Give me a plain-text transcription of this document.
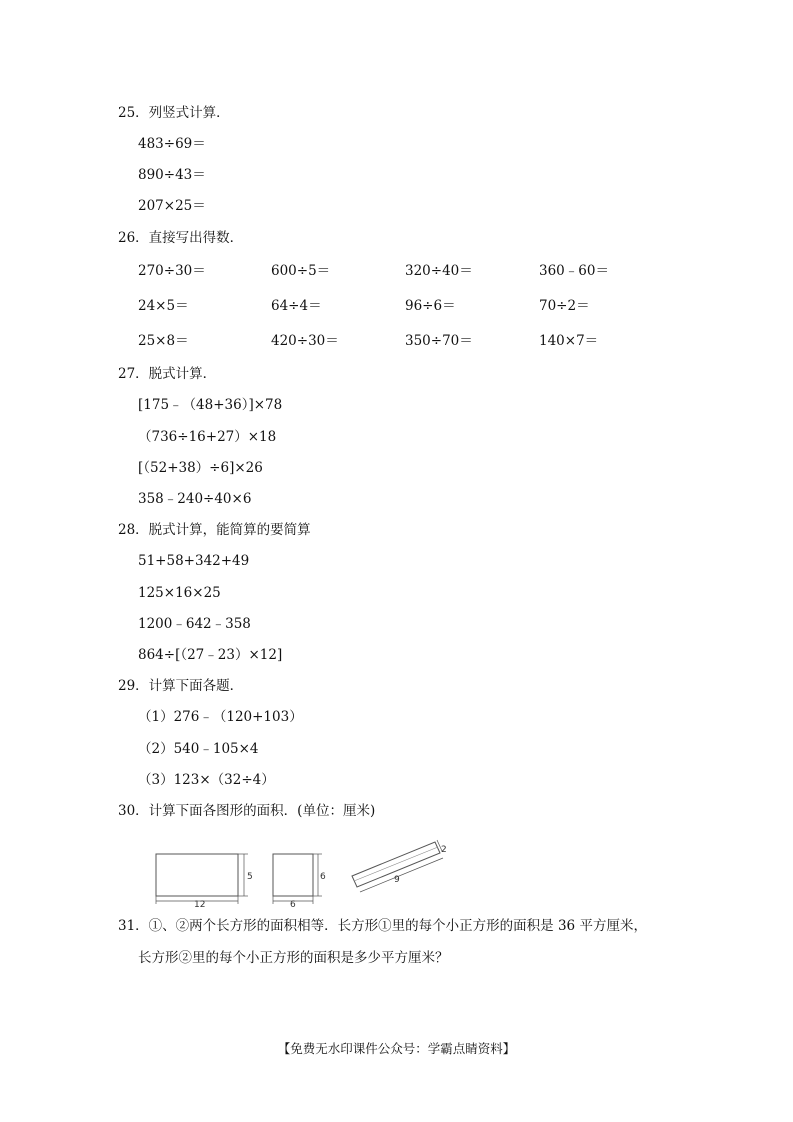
25．列竖式计算．
483÷69＝
890÷43＝
207×25＝
26．直接写出得数．
270÷30＝	600÷5＝	320÷40＝	360﹣60＝
24×5＝	64÷4＝	96÷6＝	70÷2＝
25×8＝	420÷30＝	350÷70＝	140×7＝
27．脱式计算．
[175﹣（48+36）]×78
（736÷16+27）×18
[（52+38）÷6]×26
358﹣240÷40×6
28．脱式计算，能简算的要简算
51+58+342+49
125×16×25
1200﹣642﹣358
864÷[（27﹣23）×12]
29．计算下面各题．
（1）276﹣（120+103）
（2）540﹣105×4
（3）123×（32÷4）
30．计算下面各图形的面积．(单位：厘米)
12
5
6
6	9
2
31．①、②两个长方形的面积相等．长方形①里的每个小正方形的面积是 36 平方厘米，
长方形②里的每个小正方形的面积是多少平方厘米？
【免费无水印课件公众号：学霸点睛资料】
